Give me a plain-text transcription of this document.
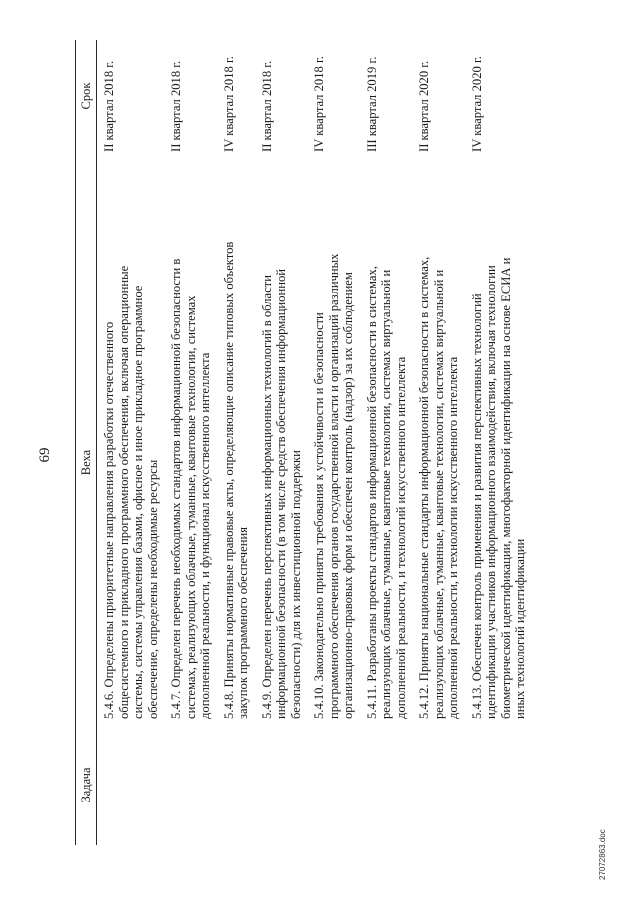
69
Задача
Веха
Срок
5.4.6. Определены приоритетные направления разработки отечественного общесистемного и прикладного программного обеспечения, включая операционные системы, системы управления базами, офисное и иное прикладное программное обеспечение, определены необходимые ресурсы
II квартал 2018 г.
5.4.7. Определен перечень необходимых стандартов информационной безопасности в системах, реализующих облачные, туманные, квантовые технологии, системах дополненной реальности, и функционал искусственного интеллекта
II квартал 2018 г.
5.4.8. Приняты нормативные правовые акты, определяющие описание типовых объектов закупок программного обеспечения
IV квартал 2018 г.
5.4.9. Определен перечень перспективных информационных технологий в области информационной безопасности (в том числе средств обеспечения информационной безопасности) для их инвестиционной поддержки
II квартал 2018 г.
5.4.10. Законодательно приняты требования к устойчивости и безопасности программного обеспечения органов государственной власти и организаций различных организационно-правовых форм и обеспечен контроль (надзор) за их соблюдением
IV квартал 2018 г.
5.4.11. Разработаны проекты стандартов информационной безопасности в системах, реализующих облачные, туманные, квантовые технологии, системах виртуальной и дополненной реальности, и технологий искусственного интеллекта
III квартал 2019 г.
5.4.12. Приняты национальные стандарты информационной безопасности в системах, реализующих облачные, туманные, квантовые технологии, системах виртуальной и дополненной реальности, и технологии искусственного интеллекта
II квартал 2020 г.
5.4.13. Обеспечен контроль применения и развития перспективных технологий идентификации участников информационного взаимодействия, включая технологии биометрической идентификации, многофакторной идентификации на основе ЕСИА и иных технологий идентификации
IV квартал 2020 г.
27072863.doc
